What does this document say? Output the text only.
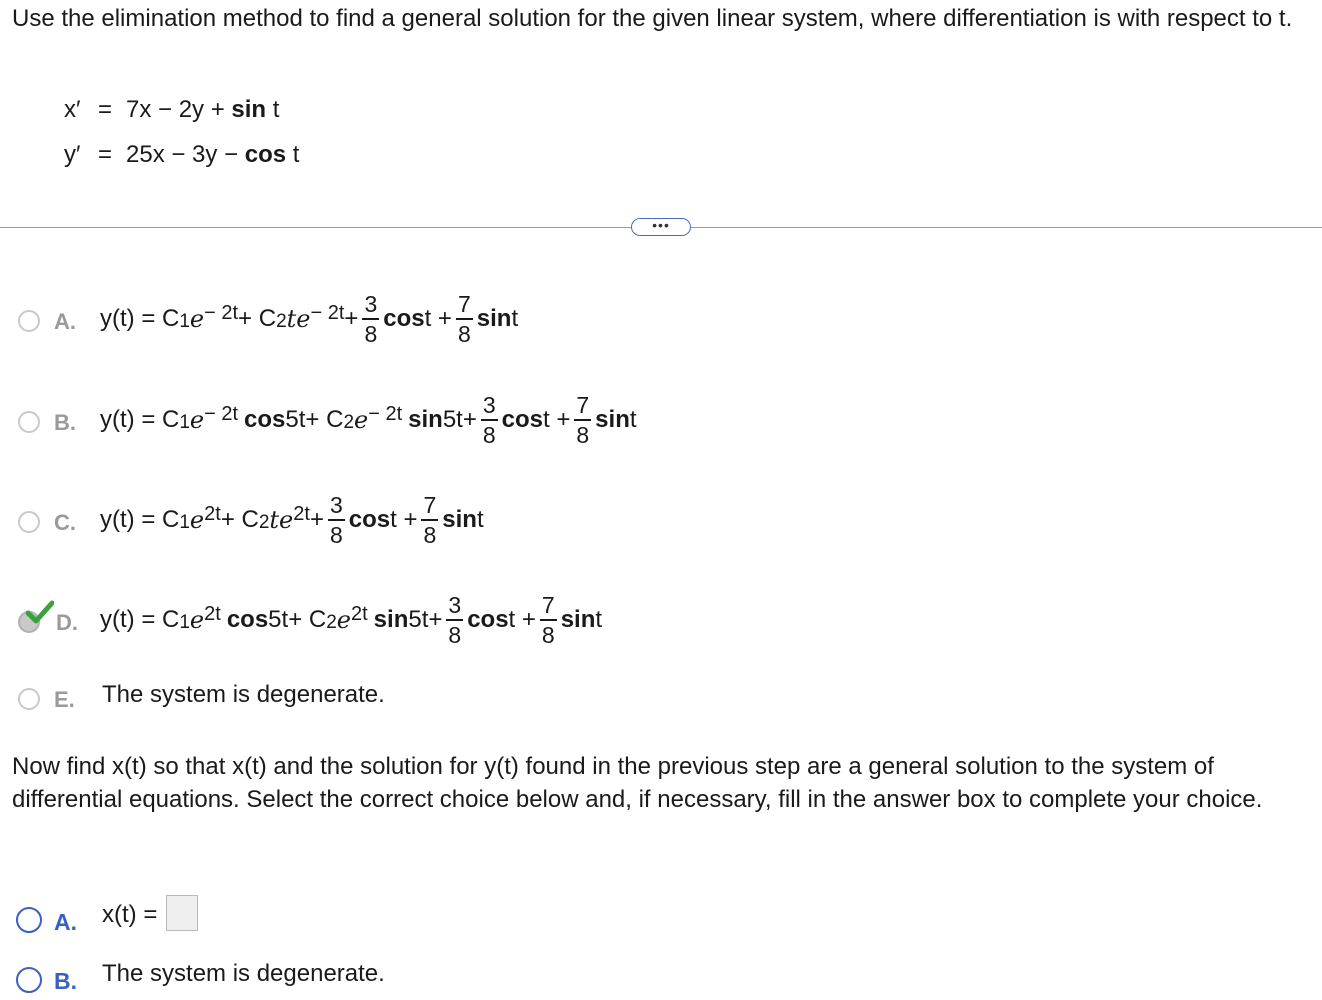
Use the elimination method to find a general solution for the given linear system, where differentiation is with respect to t.

x′ = 7x − 2y + sin t
y′ = 25x − 3y − cos t
•••
A. $y(t) = C_1$ $e^{- 2t} + C_2$ $te^{- 2t} + \frac{3}{8}$ $\cos t + \frac{7}{8}$ sin t
B. $y(t) = C_1$ $e^{- 2t}$ $\cos 5t + C_2$ $e^{- 2t}$ $\sin 5t + \frac{3}{8}$ $\cos t + \frac{7}{8}$ sin t
C. $y(t) = C_1$ $e^{2t} + C_2$ $te^{2t} + \frac{3}{8}$ $\cos t + \frac{7}{8}$ sin t
D. $y(t) = C_1$ $e^{2t}$ $\cos 5t + C_2$ $e^{2t}$ $\sin 5t + \frac{3}{8}$ $\cos t + \frac{7}{8}$ sin t
E. The system is degenerate.

Now find x(t) so that x(t) and the solution for y(t) found in the previous step are a general solution to the system of differential equations. Select the correct choice below and, if necessary, fill in the answer box to complete your choice.

A. x(t) =
B. The system is degenerate.
